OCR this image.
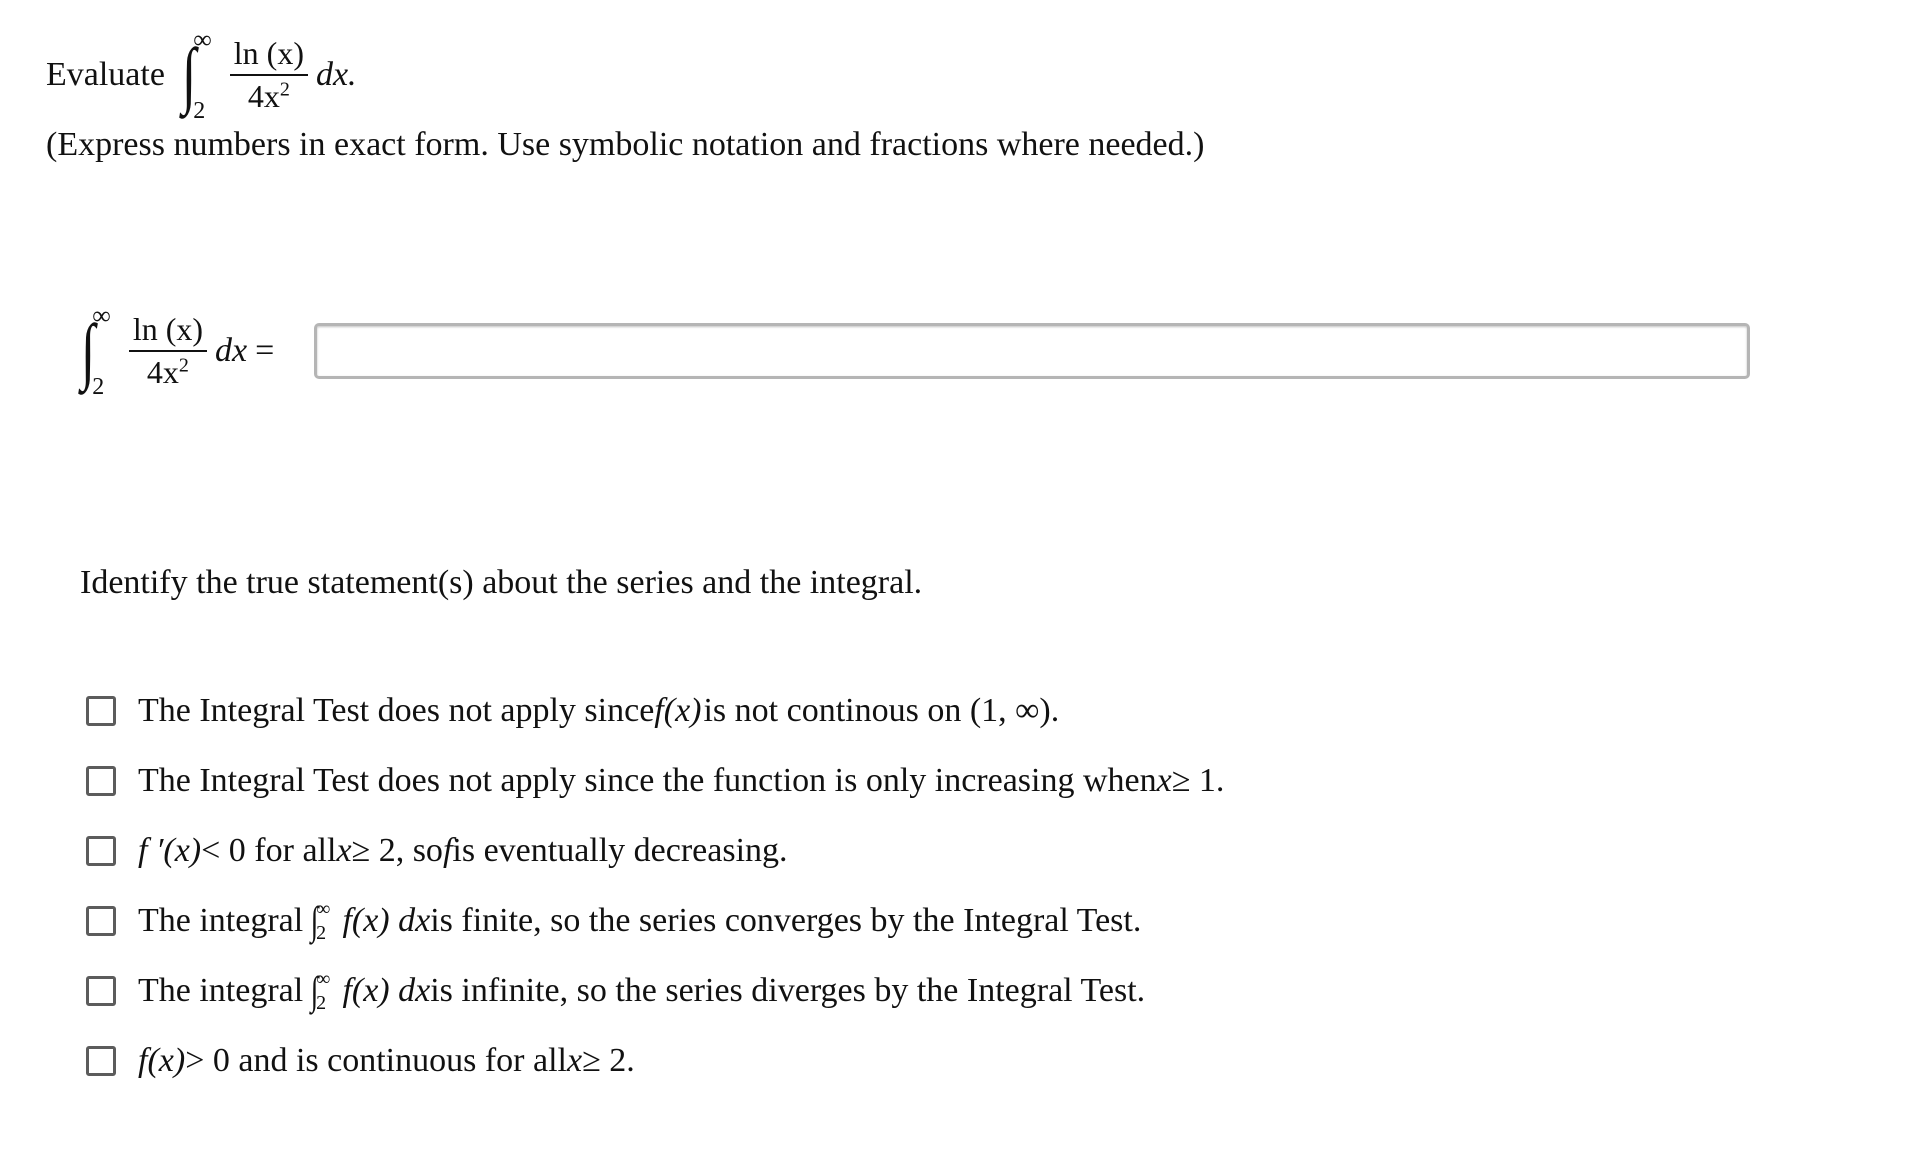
Evaluate ∫
∞
$2 \frac{\ln (x)}{4x^2}$ dx.
(Express numbers in exact form. Use symbolic notation and fractions where needed.)
∫
∞
$2 \frac{\ln (x)}{4x^2}$ dx =
Identify the true statement(s) about the series and the integral.
The Integral Test does not apply since f(x) is not continous on (1, ∞).
The Integral Test does not apply since the function is only increasing when x ≥ 1.
f ′(x) < 0 for all x ≥ 2, so f is eventually decreasing.
The integral ∫
∞
2 f(x) dx is finite, so the series converges by the Integral Test.
The integral ∫
∞
2 f(x) dx is infinite, so the series diverges by the Integral Test.
f(x) > 0 and is continuous for all x ≥ 2.
